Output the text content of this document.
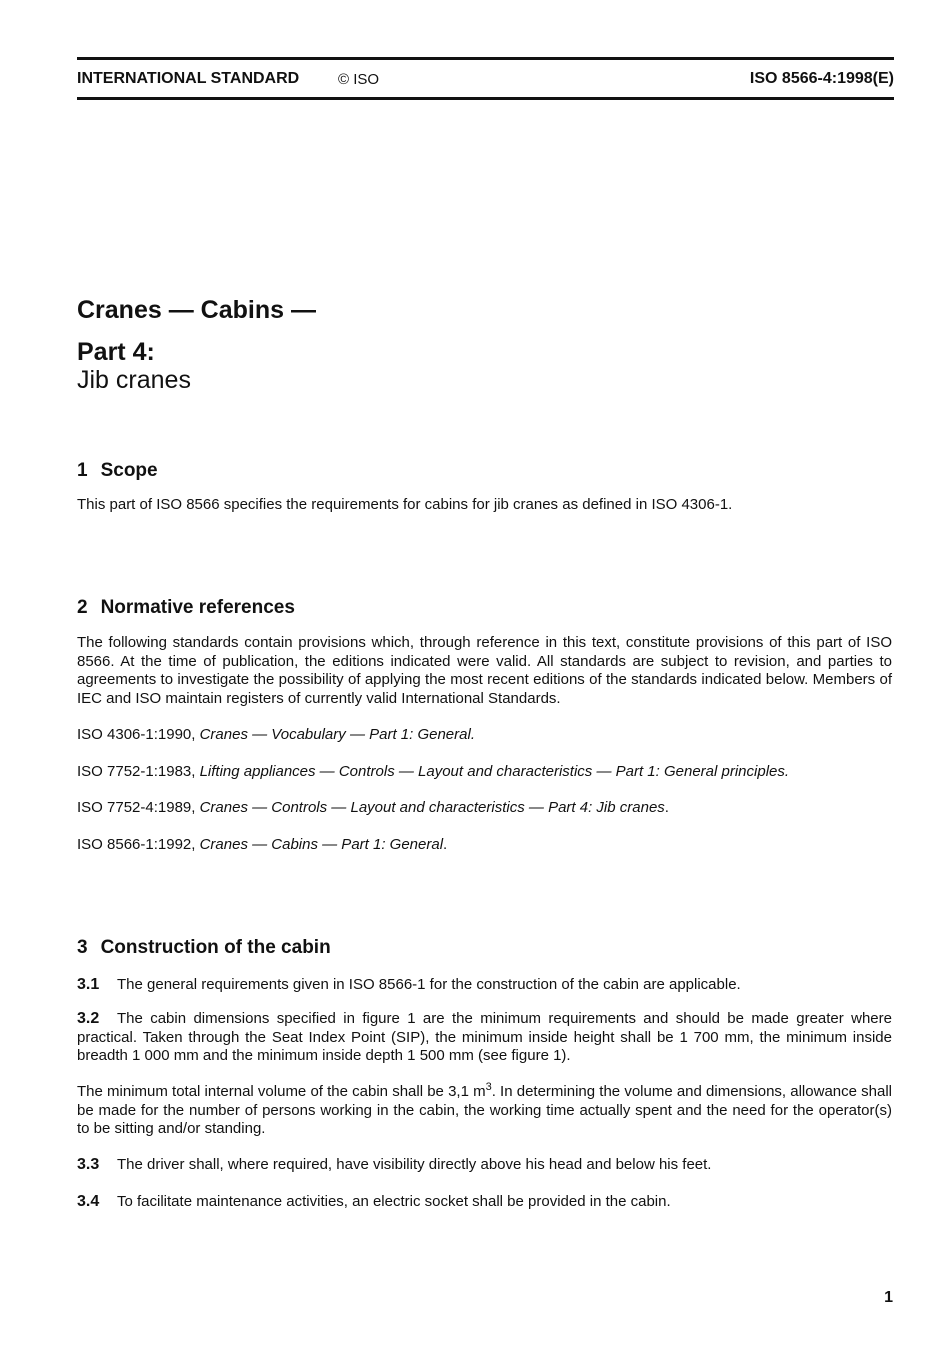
INTERNATIONAL STANDARD	© ISO	ISO 8566-4:1998(E)
Cranes — Cabins —
Part 4:
Jib cranes
1 Scope
This part of ISO 8566 specifies the requirements for cabins for jib cranes as defined in ISO 4306-1.
2 Normative references
The following standards contain provisions which, through reference in this text, constitute provisions of this part of ISO 8566. At the time of publication, the editions indicated were valid. All standards are subject to revision, and parties to agreements to investigate the possibility of applying the most recent editions of the standards indicated below. Members of IEC and ISO maintain registers of currently valid International Standards.
ISO 4306-1:1990, Cranes — Vocabulary — Part 1: General.
ISO 7752-1:1983, Lifting appliances — Controls — Layout and characteristics — Part 1: General principles.
ISO 7752-4:1989, Cranes — Controls — Layout and characteristics — Part 4: Jib cranes.
ISO 8566-1:1992, Cranes — Cabins — Part 1: General.
3 Construction of the cabin
3.1 The general requirements given in ISO 8566-1 for the construction of the cabin are applicable.
3.2 The cabin dimensions specified in figure 1 are the minimum requirements and should be made greater where practical. Taken through the Seat Index Point (SIP), the minimum inside height shall be 1 700 mm, the minimum inside breadth 1 000 mm and the minimum inside depth 1 500 mm (see figure 1).
The minimum total internal volume of the cabin shall be 3,1 $m^3$. In determining the volume and dimensions, allowance shall be made for the number of persons working in the cabin, the working time actually spent and the need for the operator(s) to be sitting and/or standing.
3.3 The driver shall, where required, have visibility directly above his head and below his feet.
3.4 To facilitate maintenance activities, an electric socket shall be provided in the cabin.
1
